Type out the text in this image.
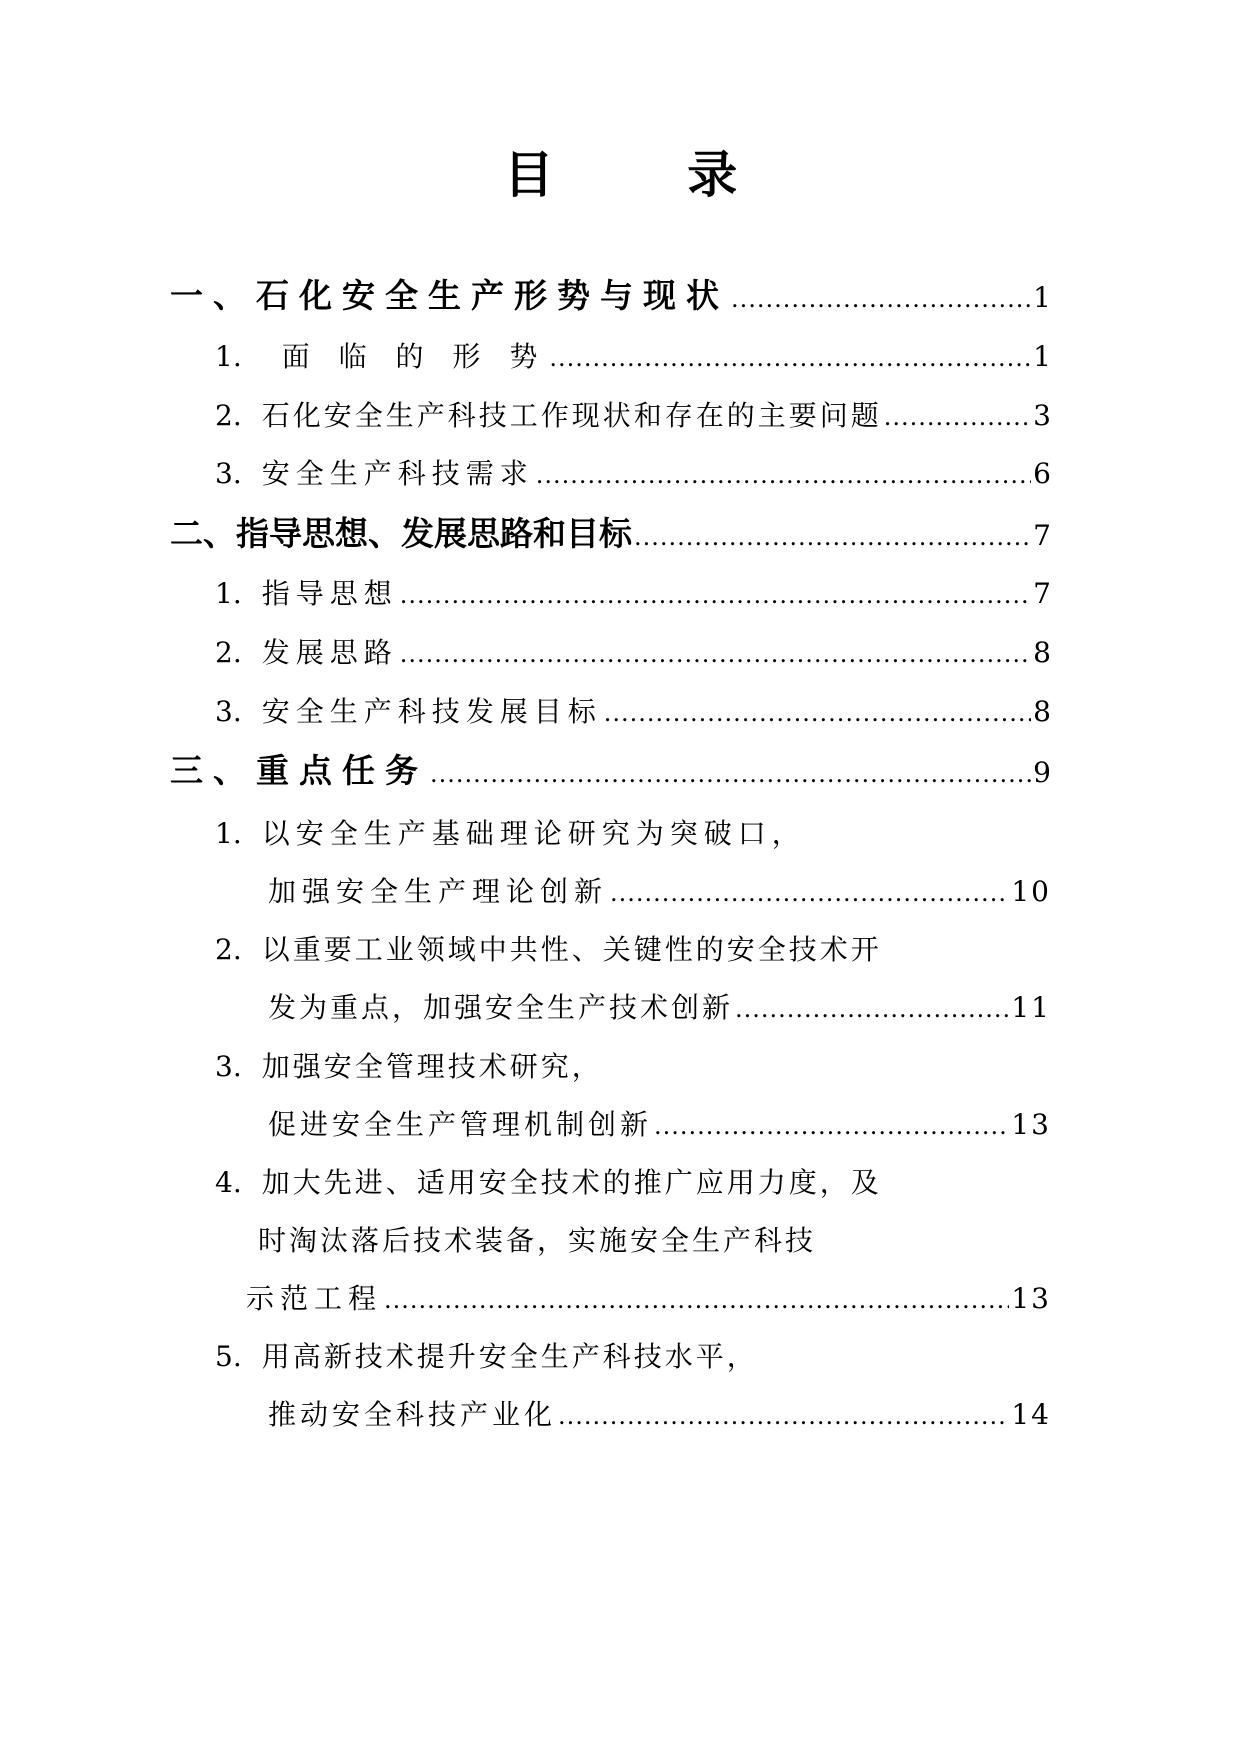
目 录
一、石化安全生产形势与现状 .....	1
1. 面 临 的 形 势 .....	1
2. 石化安全生产科技工作现状和存在的主要问题 .....	3
3. 安全生产科技需求 .....	6
二、指导思想、发展思路和目标 .....	7
1. 指导思想 .....	7
2. 发展思路 .....	8
3. 安全生产科技发展目标 .....	8
三、重点任务 .....	9
1. 以安全生产基础理论研究为突破口，
加强安全生产理论创新 .....	10
2. 以重要工业领域中共性、关键性的安全技术开
发为重点，加强安全生产技术创新 .....	11
3. 加强安全管理技术研究，
促进安全生产管理机制创新 .....	13
4. 加大先进、适用安全技术的推广应用力度，及
时淘汰落后技术装备，实施安全生产科技
示范工程 .....	13
5. 用高新技术提升安全生产科技水平，
推动安全科技产业化 .....	14
